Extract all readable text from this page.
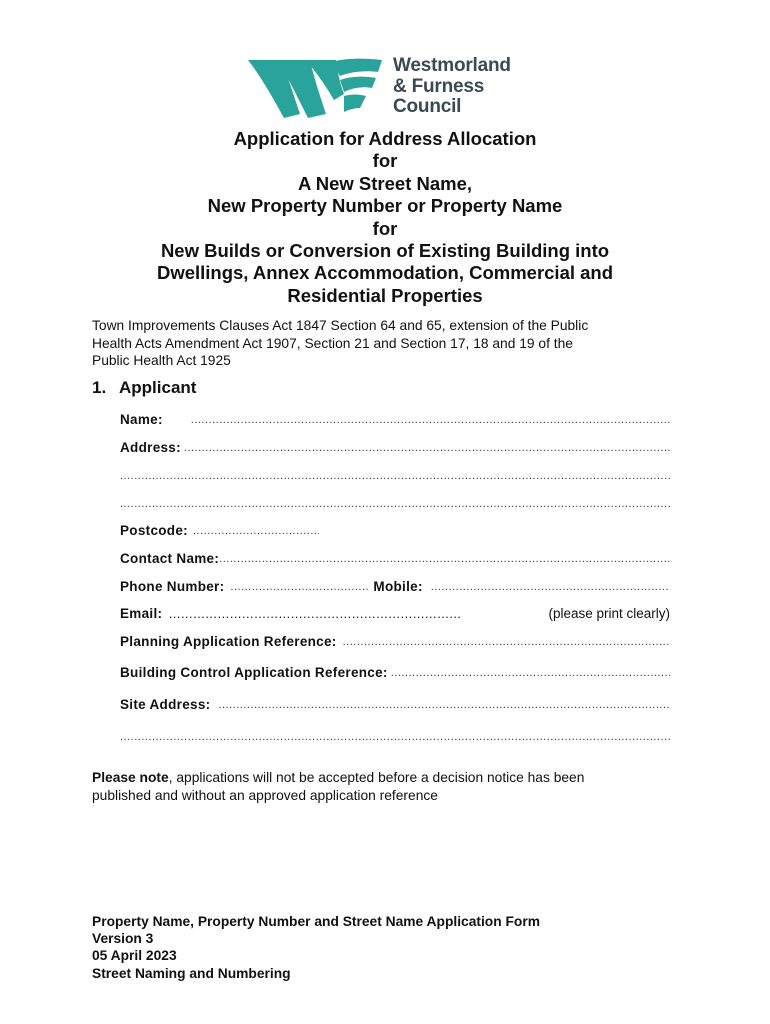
Westmorland
& Furness
Council
Application for Address Allocation
for
A New Street Name,
New Property Number or Property Name
for
New Builds or Conversion of Existing Building into
Dwellings, Annex Accommodation, Commercial and
Residential Properties
Town Improvements Clauses Act 1847 Section 64 and 65, extension of the Public
Health Acts Amendment Act 1907, Section 21 and Section 17, 18 and 19 of the
Public Health Act 1925
1. Applicant
Name:
.....
Address:
.....
.....
.....
Postcode:
.....
Contact Name:
.....
Phone Number: .....	Mobile:
.....
Email: ………………………………………………………………	(please print clearly)
Planning Application Reference:
.....
Building Control Application Reference:
.....
Site Address:
.....
.....
Please note, applications will not be accepted before a decision notice has been
published and without an approved application reference
Property Name, Property Number and Street Name Application Form
Version 3
05 April 2023
Street Naming and Numbering
